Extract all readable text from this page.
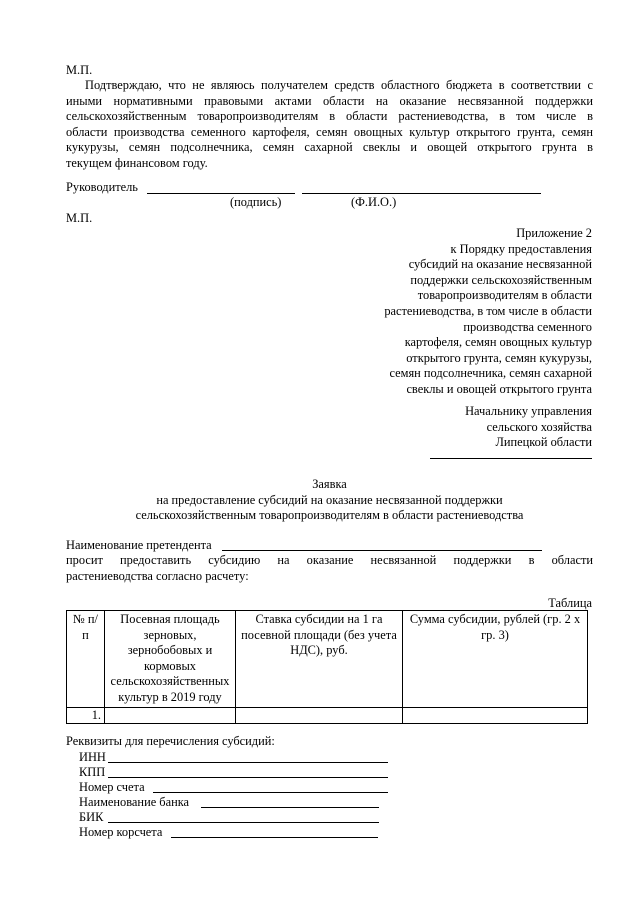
М.П.
Подтверждаю, что не являюсь получателем средств областного бюджета в соответствии с
иными нормативными правовыми актами области на оказание несвязанной поддержки
сельскохозяйственным товаропроизводителям в области растениеводства, в том числе в
области производства семенного картофеля, семян овощных культур открытого грунта, семян
кукурузы, семян подсолнечника, семян сахарной свеклы и овощей открытого грунта в
текущем финансовом году.
Руководитель
(подпись)	(Ф.И.О.)
М.П.
Приложение 2
к Порядку предоставления
субсидий на оказание несвязанной
поддержки сельскохозяйственным
товаропроизводителям в области
растениеводства, в том числе в области
производства семенного
картофеля, семян овощных культур
открытого грунта, семян кукурузы,
семян подсолнечника, семян сахарной
свеклы и овощей открытого грунта
Начальнику управления
сельского хозяйства
Липецкой области
Заявка
на предоставление субсидий на оказание несвязанной поддержки
сельскохозяйственным товаропроизводителям в области растениеводства
Наименование претендента
просит предоставить субсидию на оказание несвязанной поддержки в области
растениеводства согласно расчету:
Таблица
№ п/п	Посевная площадь зерновых, зернобобовых и кормовых сельскохозяйственных культур в 2019 году	Ставка субсидии на 1 га посевной площади (без учета НДС), руб.	Сумма субсидии, рублей (гр. 2 x гр. 3)
1.			
Реквизиты для перечисления субсидий:
ИНН
КПП
Номер счета
Наименование банка
БИК
Номер корсчета
